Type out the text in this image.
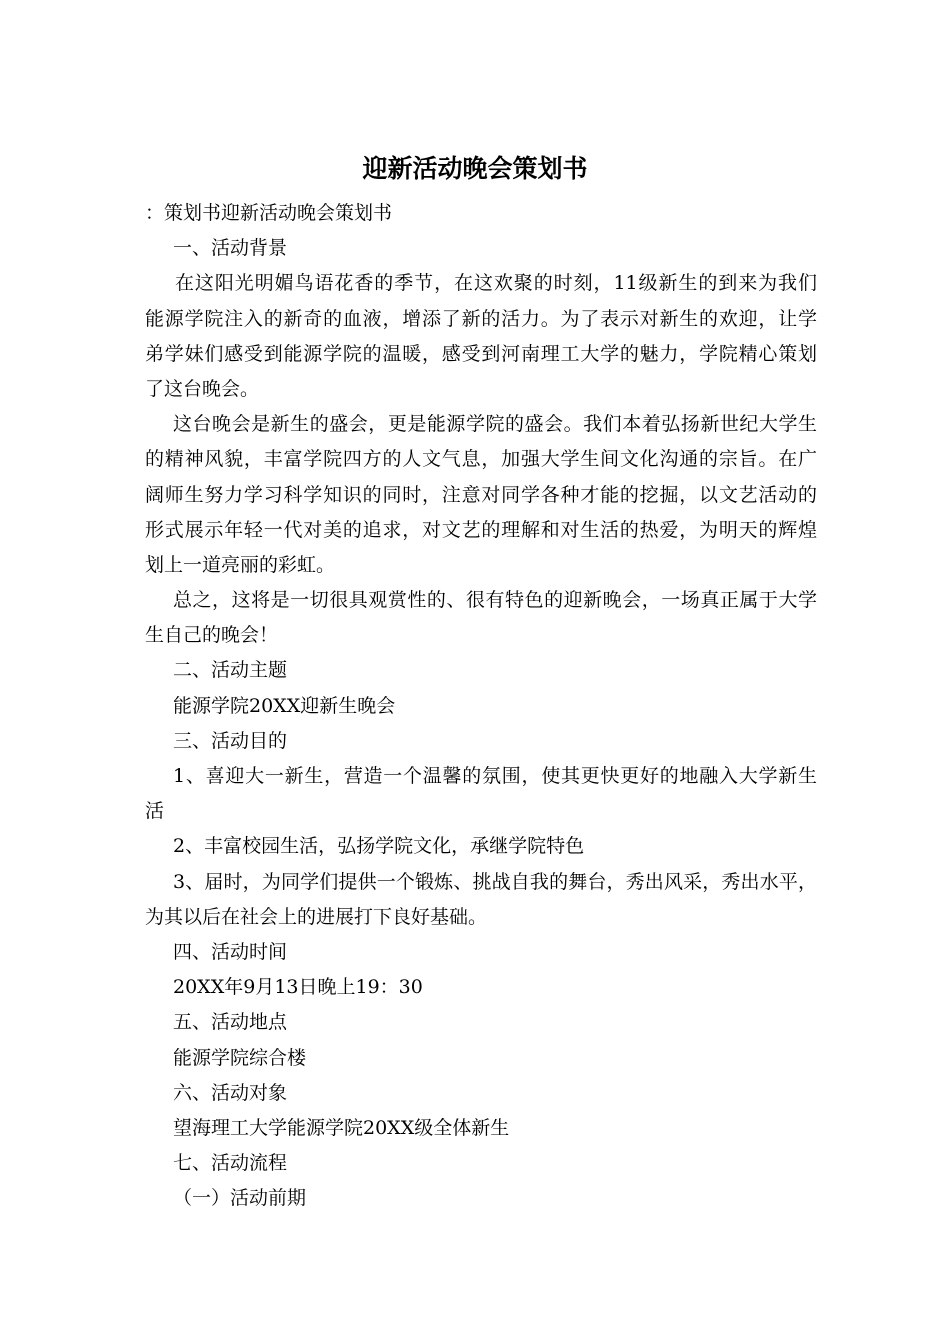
迎新活动晚会策划书
：策划书迎新活动晚会策划书
一、活动背景
在这阳光明媚鸟语花香的季节，在这欢聚的时刻，11级新生的到来为我们
能源学院注入的新奇的血液，增添了新的活力。为了表示对新生的欢迎，让学
弟学妹们感受到能源学院的温暖，感受到河南理工大学的魅力，学院精心策划
了这台晚会。
这台晚会是新生的盛会，更是能源学院的盛会。我们本着弘扬新世纪大学生
的精神风貌，丰富学院四方的人文气息，加强大学生间文化沟通的宗旨。在广
阔师生努力学习科学知识的同时，注意对同学各种才能的挖掘，以文艺活动的
形式展示年轻一代对美的追求，对文艺的理解和对生活的热爱，为明天的辉煌
划上一道亮丽的彩虹。
总之，这将是一切很具观赏性的、很有特色的迎新晚会，一场真正属于大学
生自己的晚会！
二、活动主题
能源学院20XX迎新生晚会
三、活动目的
1、喜迎大一新生，营造一个温馨的氛围，使其更快更好的地融入大学新生
活
2、丰富校园生活，弘扬学院文化，承继学院特色
3、届时，为同学们提供一个锻炼、挑战自我的舞台，秀出风采，秀出水平，
为其以后在社会上的进展打下良好基础。
四、活动时间
20XX年9月13日晚上19：30
五、活动地点
能源学院综合楼
六、活动对象
望海理工大学能源学院20XX级全体新生
七、活动流程
（一）活动前期
